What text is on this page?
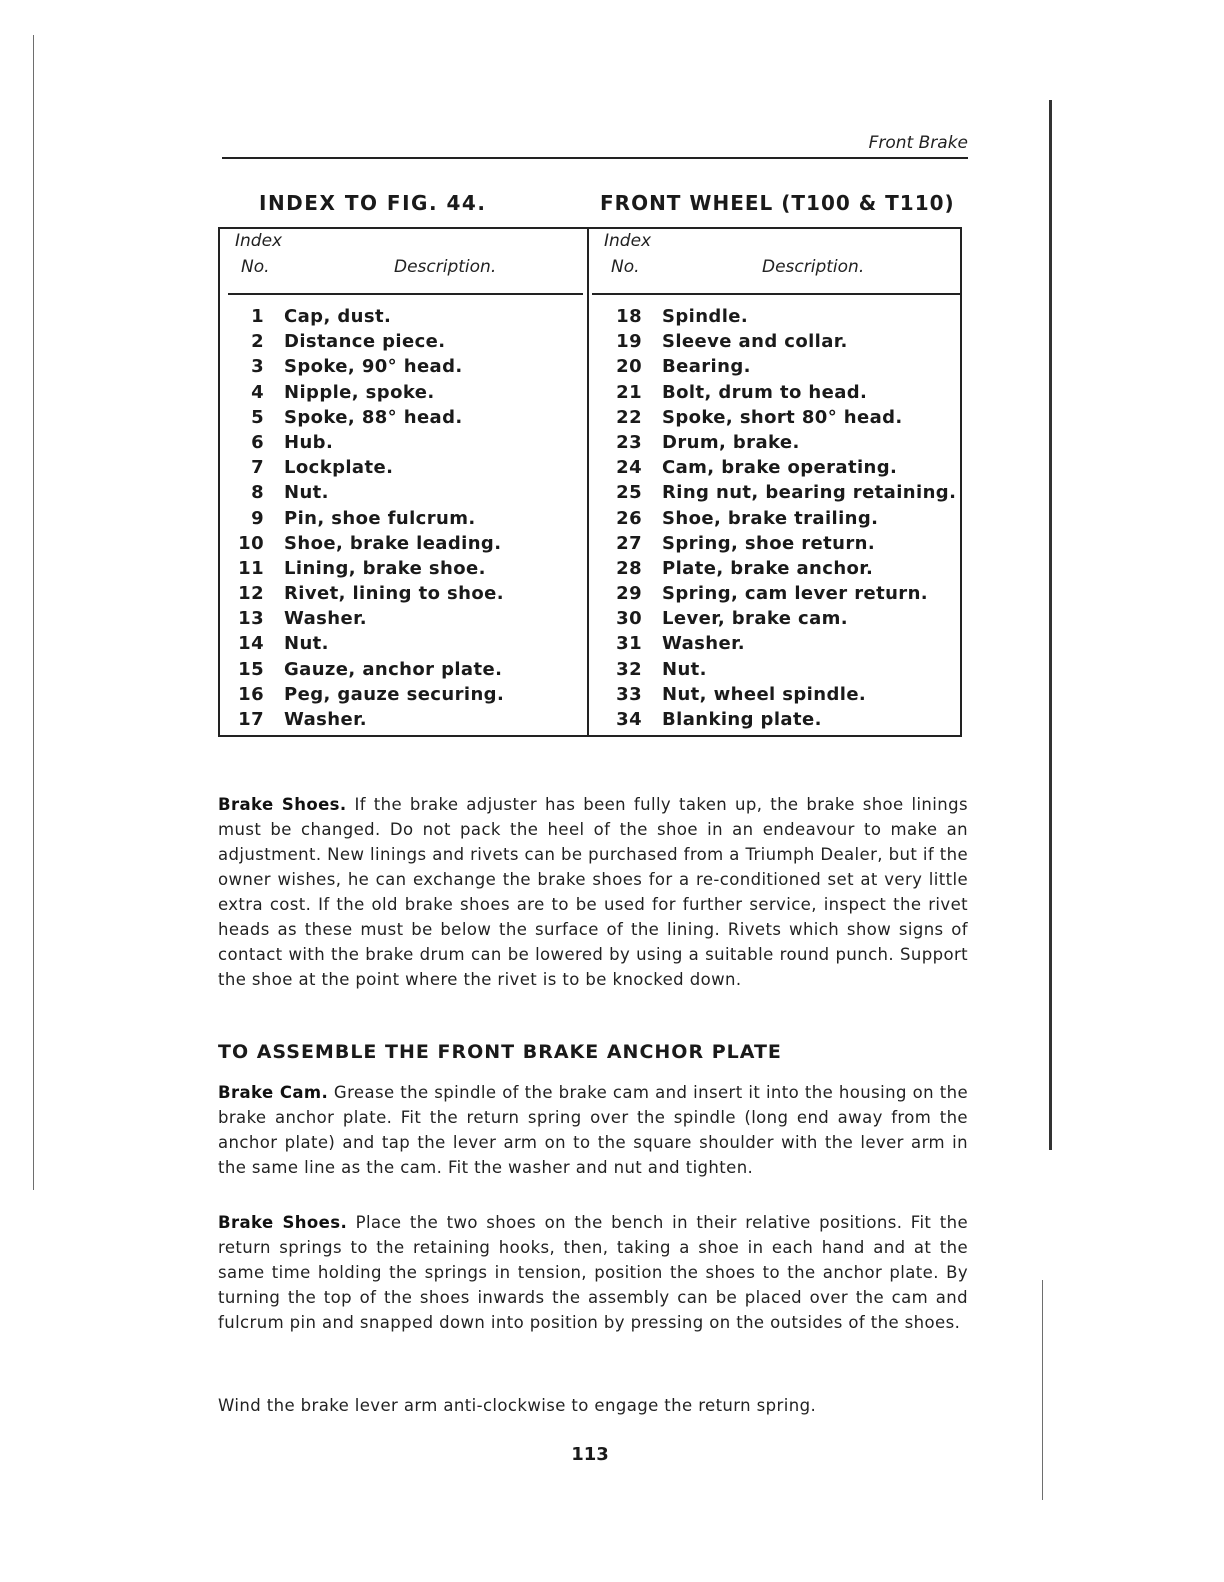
Front Brake
INDEX TO FIG. 44.	FRONT WHEEL (T100 & T110)
Index
No.	Description.
Index
No.	Description.
1 Cap, dust.
2 Distance piece.
3 Spoke, 90° head.
4 Nipple, spoke.
5 Spoke, 88° head.
6 Hub.
7 Lockplate.
8 Nut.
9 Pin, shoe fulcrum.
10 Shoe, brake leading.
11 Lining, brake shoe.
12 Rivet, lining to shoe.
13 Washer.
14 Nut.
15 Gauze, anchor plate.
16 Peg, gauze securing.
17 Washer.
18 Spindle.
19 Sleeve and collar.
20 Bearing.
21 Bolt, drum to head.
22 Spoke, short 80° head.
23 Drum, brake.
24 Cam, brake operating.
25 Ring nut, bearing retaining.
26 Shoe, brake trailing.
27 Spring, shoe return.
28 Plate, brake anchor.
29 Spring, cam lever return.
30 Lever, brake cam.
31 Washer.
32 Nut.
33 Nut, wheel spindle.
34 Blanking plate.

Brake Shoes. If the brake adjuster has been fully taken up, the brake shoe linings must be changed. Do not pack the heel of the shoe in an endeavour to make an adjustment. New linings and rivets can be purchased from a Triumph Dealer, but if the owner wishes, he can exchange the brake shoes for a re-conditioned set at very little extra cost. If the old brake shoes are to be used for further service, inspect the rivet heads as these must be below the surface of the lining. Rivets which show signs of contact with the brake drum can be lowered by using a suitable round punch. Support the shoe at the point where the rivet is to be knocked down.

TO ASSEMBLE THE FRONT BRAKE ANCHOR PLATE

Brake Cam. Grease the spindle of the brake cam and insert it into the housing on the brake anchor plate. Fit the return spring over the spindle (long end away from the anchor plate) and tap the lever arm on to the square shoulder with the lever arm in the same line as the cam. Fit the washer and nut and tighten.

Brake Shoes. Place the two shoes on the bench in their relative positions. Fit the return springs to the retaining hooks, then, taking a shoe in each hand and at the same time holding the springs in tension, position the shoes to the anchor plate. By turning the top of the shoes inwards the assembly can be placed over the cam and fulcrum pin and snapped down into position by pressing on the outsides of the shoes.

Wind the brake lever arm anti-clockwise to engage the return spring.

113
